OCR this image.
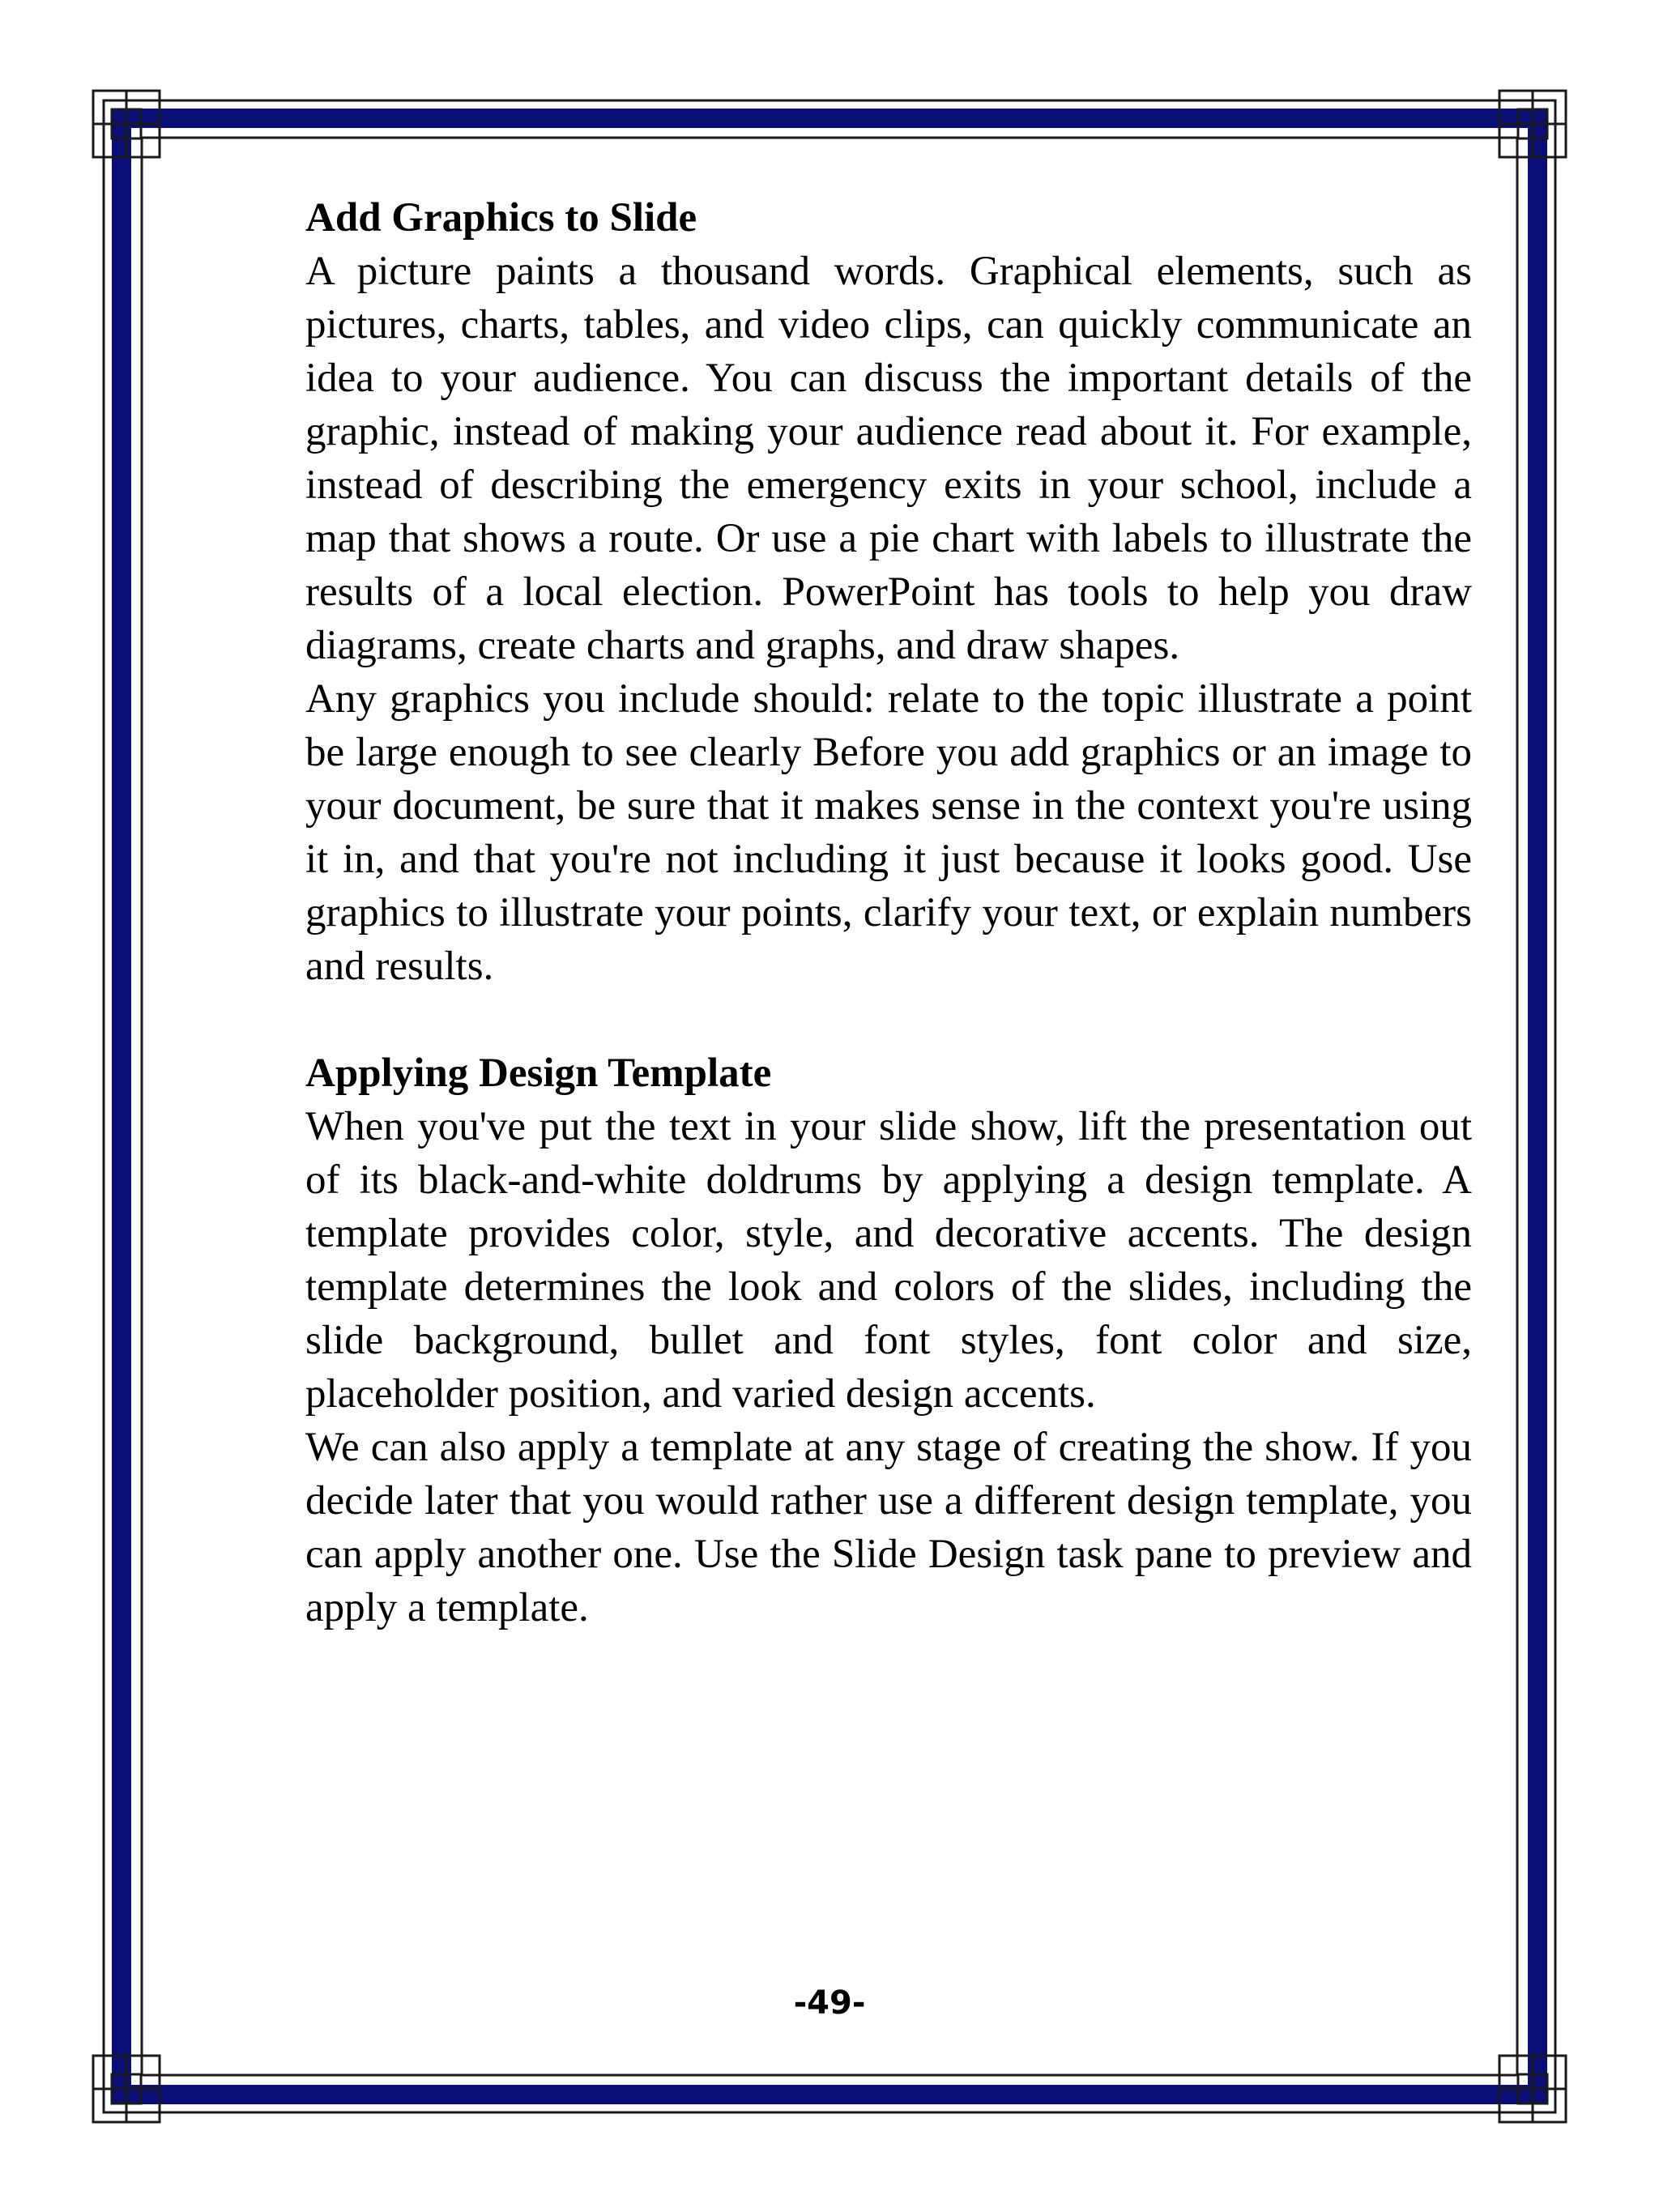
Add Graphics to Slide

A picture paints a thousand words. Graphical elements, such as pictures, charts, tables, and video clips, can quickly communicate an idea to your audience. You can discuss the important details of the graphic, instead of making your audience read about it. For example, instead of describing the emergency exits in your school, include a map that shows a route. Or use a pie chart with labels to illustrate the results of a local election. PowerPoint has tools to help you draw diagrams, create charts and graphs, and draw shapes.

Any graphics you include should: relate to the topic illustrate a point be large enough to see clearly Before you add graphics or an image to your document, be sure that it makes sense in the context you're using it in, and that you're not including it just because it looks good. Use graphics to illustrate your points, clarify your text, or explain numbers and results.

Applying Design Template

When you've put the text in your slide show, lift the presentation out of its black-and-white doldrums by applying a design template. A template provides color, style, and decorative accents. The design template determines the look and colors of the slides, including the slide background, bullet and font styles, font color and size, placeholder position, and varied design accents.

We can also apply a template at any stage of creating the show. If you decide later that you would rather use a different design template, you can apply another one. Use the Slide Design task pane to preview and apply a template.

-49-
